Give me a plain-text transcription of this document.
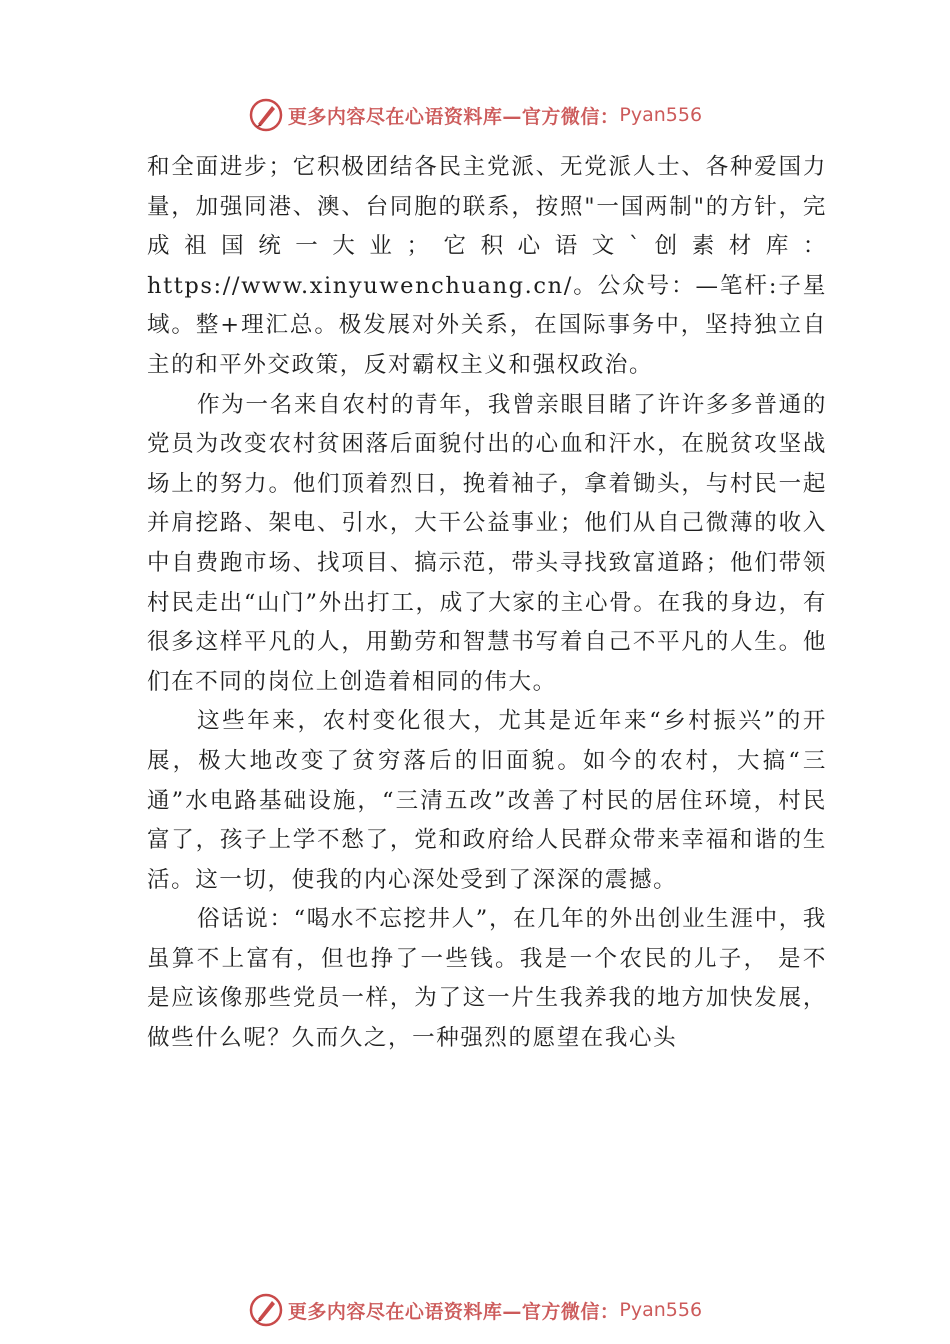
更多内容尽在心语资料库—官方微信： Pyan556

和全面进步；它积极团结各民主党派、无党派人士、各种爱国力量，加强同港、澳、台同胞的联系，按照"一国两制"的方针，完成祖国统一大业；它积心语文`创素材库：https://www.xinyuwenchuang.cn/。公众号：—笔杆:子星域。整+理汇总。极发展对外关系，在国际事务中，坚持独立自主的和平外交政策，反对霸权主义和强权政治。

作为一名来自农村的青年，我曾亲眼目睹了许许多多普通的党员为改变农村贫困落后面貌付出的心血和汗水，在脱贫攻坚战场上的努力。他们顶着烈日，挽着袖子，拿着锄头，与村民一起并肩挖路、架电、引水，大干公益事业；他们从自己微薄的收入中自费跑市场、找项目、搞示范，带头寻找致富道路；他们带领村民走出“山门”外出打工，成了大家的主心骨。在我的身边，有很多这样平凡的人，用勤劳和智慧书写着自己不平凡的人生。他们在不同的岗位上创造着相同的伟大。

这些年来，农村变化很大，尤其是近年来“乡村振兴”的开展，极大地改变了贫穷落后的旧面貌。如今的农村，大搞“三通”水电路基础设施，“三清五改”改善了村民的居住环境，村民富了，孩子上学不愁了，党和政府给人民群众带来幸福和谐的生活。这一切，使我的内心深处受到了深深的震撼。

俗话说：“喝水不忘挖井人”，在几年的外出创业生涯中，我虽算不上富有，但也挣了一些钱。我是一个农民的儿子， 是不是应该像那些党员一样，为了这一片生我养我的地方加快发展，做些什么呢？久而久之，一种强烈的愿望在我心头

更多内容尽在心语资料库—官方微信： Pyan556
